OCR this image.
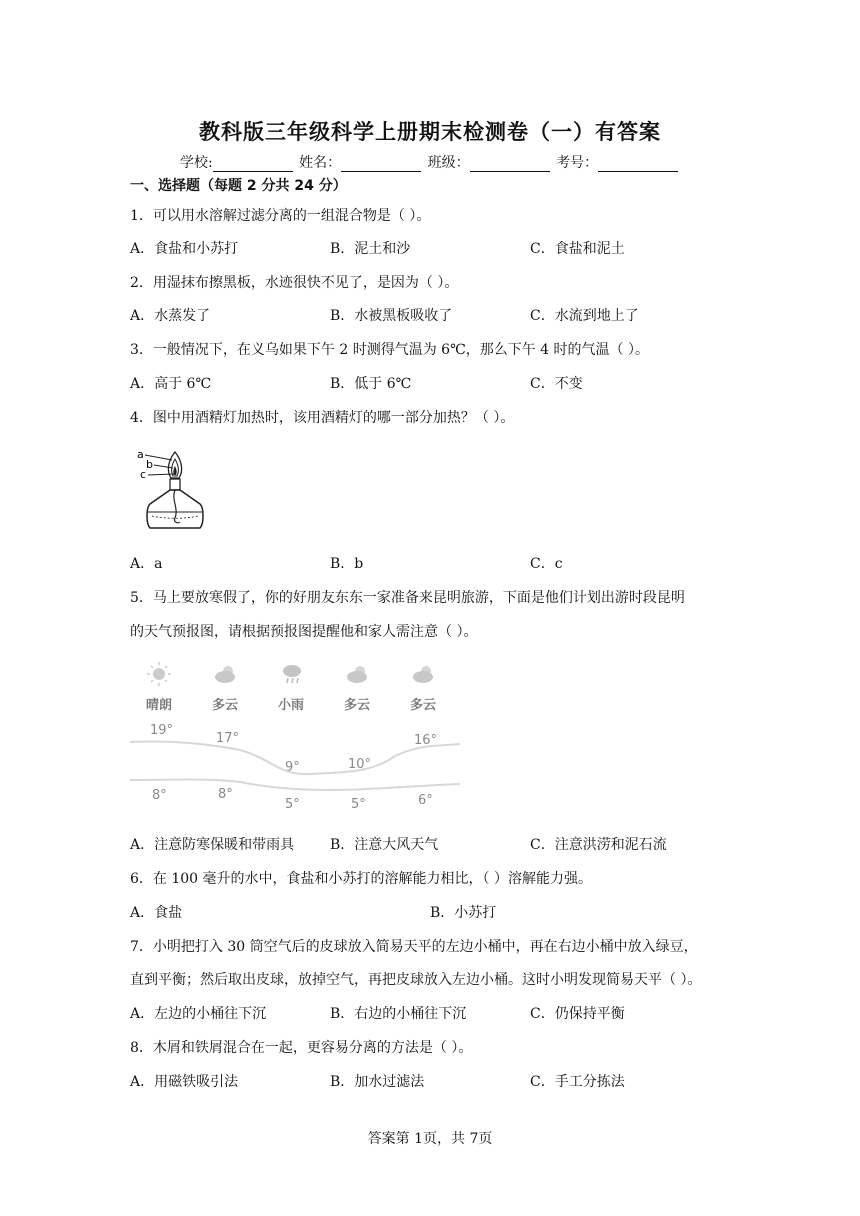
教科版三年级科学上册期末检测卷（一）有答案
学校:	姓名：	班级：	考号：
一、选择题（每题 2 分共 24 分）
1．可以用水溶解过滤分离的一组混合物是（ ）。
A．食盐和小苏打	B．泥土和沙	C．食盐和泥土
2．用湿抹布擦黑板，水迹很快不见了，是因为（ ）。
A．水蒸发了	B．水被黑板吸收了	C．水流到地上了
3．一般情况下，在义乌如果下午 2 时测得气温为 6℃，那么下午 4 时的气温（ ）。
A．高于 6℃	B．低于 6℃	C．不变
4．图中用酒精灯加热时，该用酒精灯的哪一部分加热？（ ）。
a
b
c
A．a	B．b	C．c
5．马上要放寒假了，你的好朋友东东一家准备来昆明旅游，下面是他们计划出游时段昆明
的天气预报图，请根据预报图提醒他和家人需注意（ ）。
晴朗	多云	小雨	多云	多云
19°
17°
9°	10°
16°
8°	8°
5°	5°	6°
A．注意防寒保暖和带雨具	B．注意大风天气	C．注意洪涝和泥石流
6．在 100 毫升的水中，食盐和小苏打的溶解能力相比，（ ）溶解能力强。
A．食盐	B．小苏打
7．小明把打入 30 筒空气后的皮球放入简易天平的左边小桶中，再在右边小桶中放入绿豆，
直到平衡；然后取出皮球，放掉空气，再把皮球放入左边小桶。这时小明发现简易天平（ ）。
A．左边的小桶往下沉	B．右边的小桶往下沉	C．仍保持平衡
8．木屑和铁屑混合在一起，更容易分离的方法是（ ）。
A．用磁铁吸引法	B．加水过滤法	C．手工分拣法
答案第 1页，共 7页
